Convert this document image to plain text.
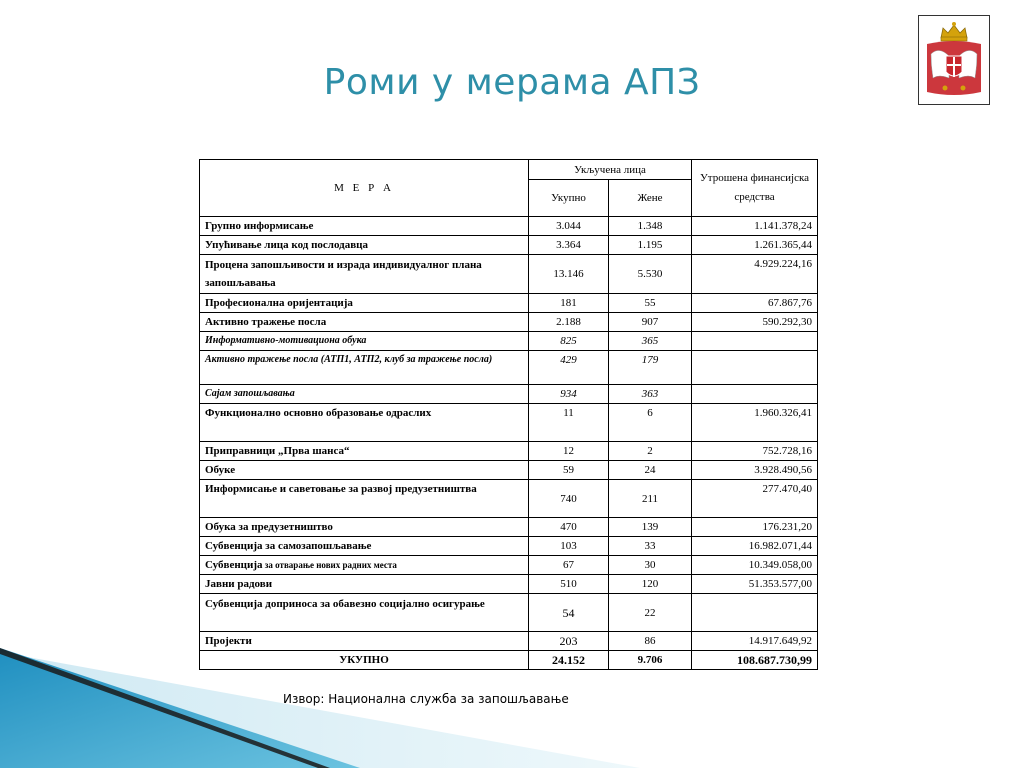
Роми у мерама АПЗ
М Е Р А	Укључена лица		Утрошена финансијска средства
	Укупно	Жене	
Групно информисање	3.044	1.348	1.141.378,24
Упућивање лица код послодавца	3.364	1.195	1.261.365,44
Процена запошљивости и израда индивидуалног плана запошљавања	13.146	5.530	4.929.224,16
Професионална оријентација	181	55	67.867,76
Активно тражење посла	2.188	907	590.292,30
Информативно-мотивациона обука	825	365	
Активно тражење посла (АТП1, АТП2, клуб за тражење посла)	429	179	
Сајам запошљавања	934	363	
Функционално основно образовање одраслих	11	6	1.960.326,41
Приправници „Прва шанса“	12	2	752.728,16
Обуке	59	24	3.928.490,56
Информисање и саветовање за развој предузетништва	740	211	277.470,40
Обука за предузетништво	470	139	176.231,20
Субвенција за самозапошљавање	103	33	16.982.071,44
Субвенција за отварање нових радних места	67	30	10.349.058,00
Јавни радови	510	120	51.353.577,00
Субвенција доприноса за обавезно социјално осигурање	54	22	
Пројекти	203	86	14.917.649,92
УКУПНО	24.152	9.706	108.687.730,99
Извор: Национална служба за запошљавање
